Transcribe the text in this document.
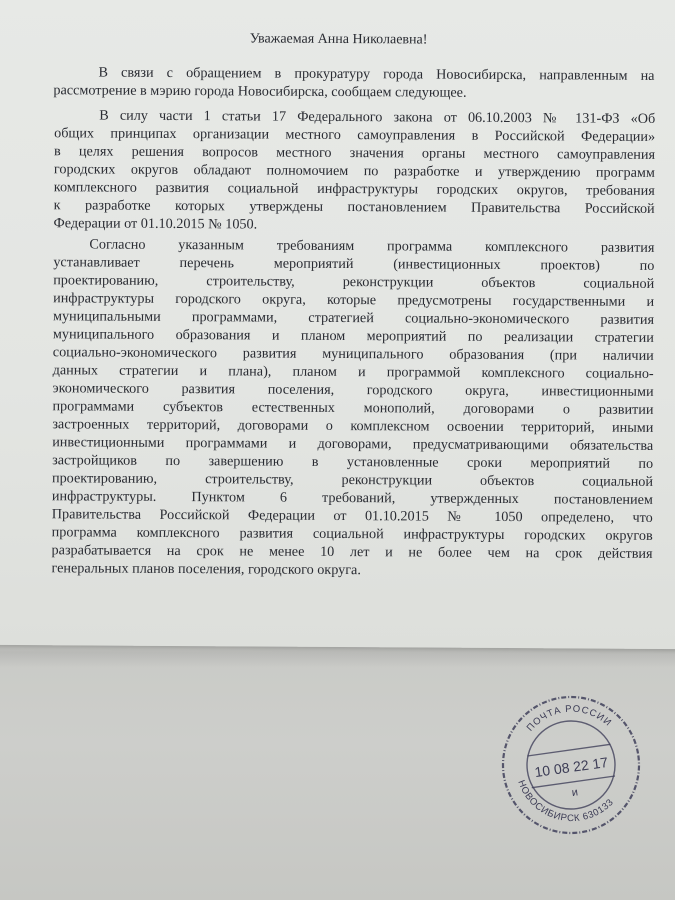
Уважаемая Анна Николаевна!
В связи с обращением в прокуратуру города Новосибирска, направленным на
рассмотрение в мэрию города Новосибирска, сообщаем следующее.
В силу части 1 статьи 17 Федерального закона от 06.10.2003 № 131-ФЗ «Об
общих принципах организации местного самоуправления в Российской Федерации»
в целях решения вопросов местного значения органы местного самоуправления
городских округов обладают полномочием по разработке и утверждению программ
комплексного развития социальной инфраструктуры городских округов, требования
к разработке которых утверждены постановлением Правительства Российской
Федерации от 01.10.2015 № 1050.
Согласно указанным требованиям программа комплексного развития
устанавливает перечень мероприятий (инвестиционных проектов) по
проектированию, строительству, реконструкции объектов социальной
инфраструктуры городского округа, которые предусмотрены государственными и
муниципальными программами, стратегией социально-экономического развития
муниципального образования и планом мероприятий по реализации стратегии
социально-экономического развития муниципального образования (при наличии
данных стратегии и плана), планом и программой комплексного социально-
экономического развития поселения, городского округа, инвестиционными
программами субъектов естественных монополий, договорами о развитии
застроенных территорий, договорами о комплексном освоении территорий, иными
инвестиционными программами и договорами, предусматривающими обязательства
застройщиков по завершению в установленные сроки мероприятий по
проектированию, строительству, реконструкции объектов социальной
инфраструктуры. Пунктом 6 требований, утвержденных постановлением
Правительства Российской Федерации от 01.10.2015 № 1050 определено, что
программа комплексного развития социальной инфраструктуры городских округов
разрабатывается на срок не менее 10 лет и не более чем на срок действия
генеральных планов поселения, городского округа.
ПОЧТА РОССИИ
НОВОСИБИРСК 630133
10 08 22 17
и
